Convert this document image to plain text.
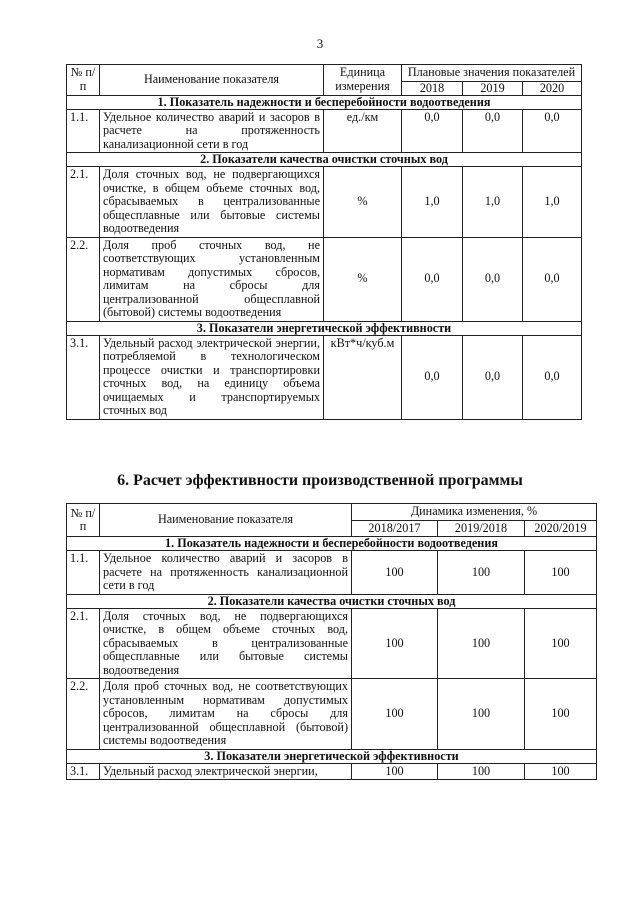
3
№ п/п	Наименование показателя	Единица измерения	Плановые значения показателей		
			2018	2019	2020
1. Показатель надежности и бесперебойности водоотведения					
1.1.	Удельное количество аварий и засоров в расчете на протяженность канализационной сети в год	ед./км	0,0	0,0	0,0
2. Показатели качества очистки сточных вод					
2.1.	Доля сточных вод, не подвергающихся очистке, в общем объеме сточных вод, сбрасываемых в централизованные общесплавные или бытовые системы водоотведения	%	1,0	1,0	1,0
2.2.	Доля проб сточных вод, не соответствующих установленным нормативам допустимых сбросов, лимитам на сбросы для централизованной общесплавной (бытовой) системы водоотведения	%	0,0	0,0	0,0
3. Показатели энергетической эффективности					
3.1.	Удельный расход электрической энергии, потребляемой в технологическом процессе очистки и транспортировки сточных вод, на единицу объема очищаемых и транспортируемых сточных вод	кВт*ч/куб.м	0,0	0,0	0,0
6. Расчет эффективности производственной программы
№ п/п	Наименование показателя	Динамика изменения, %		
		2018/2017	2019/2018	2020/2019
1. Показатель надежности и бесперебойности водоотведения				
1.1.	Удельное количество аварий и засоров в расчете на протяженность канализационной сети в год	100	100	100
2. Показатели качества очистки сточных вод				
2.1.	Доля сточных вод, не подвергающихся очистке, в общем объеме сточных вод, сбрасываемых в централизованные общесплавные или бытовые системы водоотведения	100	100	100
2.2.	Доля проб сточных вод, не соответствующих установленным нормативам допустимых сбросов, лимитам на сбросы для централизованной общесплавной (бытовой) системы водоотведения	100	100	100
3. Показатели энергетической эффективности				
3.1.	Удельный расход электрической энергии,	100	100	100
